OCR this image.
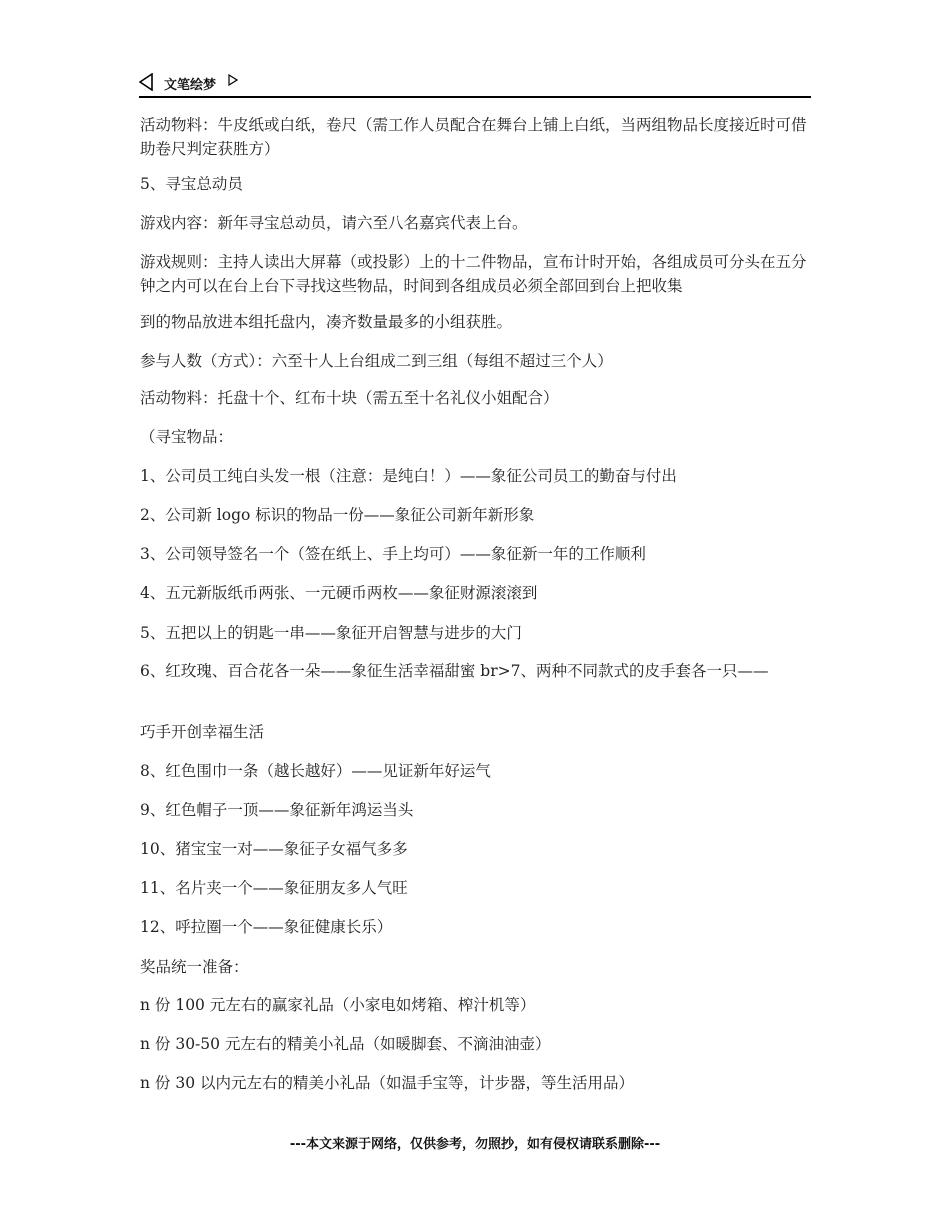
文笔绘梦

活动物料：牛皮纸或白纸，卷尺（需工作人员配合在舞台上铺上白纸，当两组物品长度接近时可借助卷尺判定获胜方）

5、寻宝总动员

游戏内容：新年寻宝总动员，请六至八名嘉宾代表上台。

游戏规则：主持人读出大屏幕（或投影）上的十二件物品，宣布计时开始，各组成员可分头在五分钟之内可以在台上台下寻找这些物品，时间到各组成员必须全部回到台上把收集

到的物品放进本组托盘内，凑齐数量最多的小组获胜。

参与人数（方式）：六至十人上台组成二到三组（每组不超过三个人）

活动物料：托盘十个、红布十块（需五至十名礼仪小姐配合）

（寻宝物品：

1、公司员工纯白头发一根（注意：是纯白！）——象征公司员工的勤奋与付出

2、公司新 logo 标识的物品一份——象征公司新年新形象

3、公司领导签名一个（签在纸上、手上均可）——象征新一年的工作顺利

4、五元新版纸币两张、一元硬币两枚——象征财源滚滚到

5、五把以上的钥匙一串——象征开启智慧与进步的大门

6、红玫瑰、百合花各一朵——象征生活幸福甜蜜 br>7、两种不同款式的皮手套各一只——

巧手开创幸福生活

8、红色围巾一条（越长越好）——见证新年好运气

9、红色帽子一顶——象征新年鸿运当头

10、猪宝宝一对——象征子女福气多多

11、名片夹一个——象征朋友多人气旺

12、呼拉圈一个——象征健康长乐）

奖品统一准备：

n 份 100 元左右的赢家礼品（小家电如烤箱、榨汁机等）

n 份 30-50 元左右的精美小礼品（如暖脚套、不滴油油壶）

n 份 30 以内元左右的精美小礼品（如温手宝等，计步器，等生活用品）

---本文来源于网络，仅供参考，勿照抄，如有侵权请联系删除---
